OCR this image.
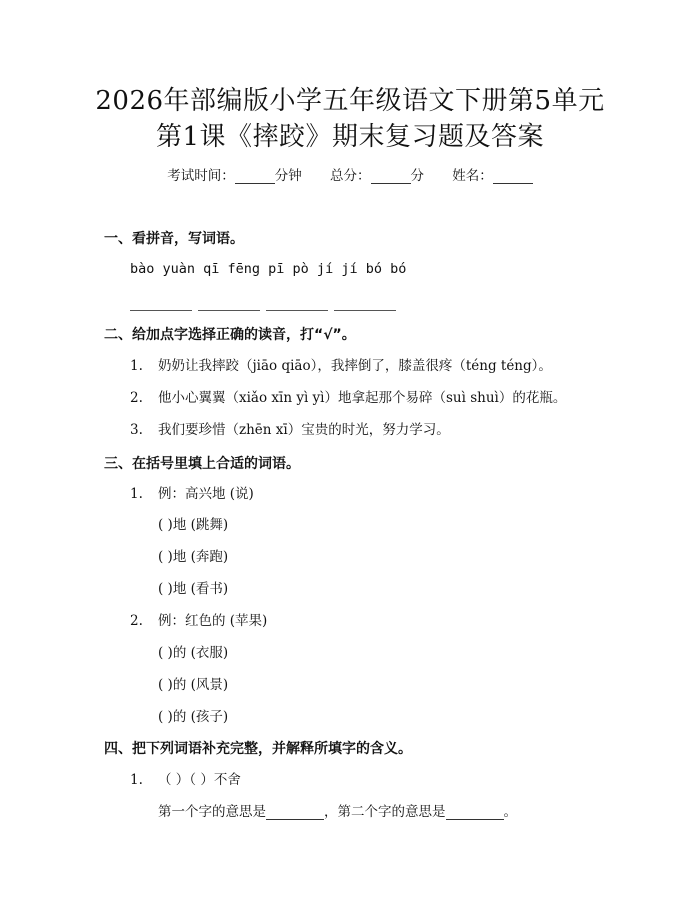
2026年部编版小学五年级语文下册第5单元
第1课《摔跤》期末复习题及答案
考试时间：	分钟 总分：	分 姓名：
一、看拼音，写词语。
bào yuàn qī fēng pī pò jí jí bó bó
二、给加点字选择正确的读音，打“√”。
1. 奶奶让我摔跤（jiāo qiāo），我摔倒了，膝盖很疼（téng téng）。
2. 他小心翼翼（xiǎo xīn yì yì）地拿起那个易碎（suì shuì）的花瓶。
3. 我们要珍惜（zhēn xī）宝贵的时光，努力学习。
三、在括号里填上合适的词语。
1. 例：高兴地 (说)
( )地 (跳舞)
( )地 (奔跑)
( )地 (看书)
2. 例：红色的 (苹果)
( )的 (衣服)
( )的 (风景)
( )的 (孩子)
四、把下列词语补充完整，并解释所填字的含义。
1. （ ）（ ）不舍
第一个字的意思是	，第二个字的意思是	。
